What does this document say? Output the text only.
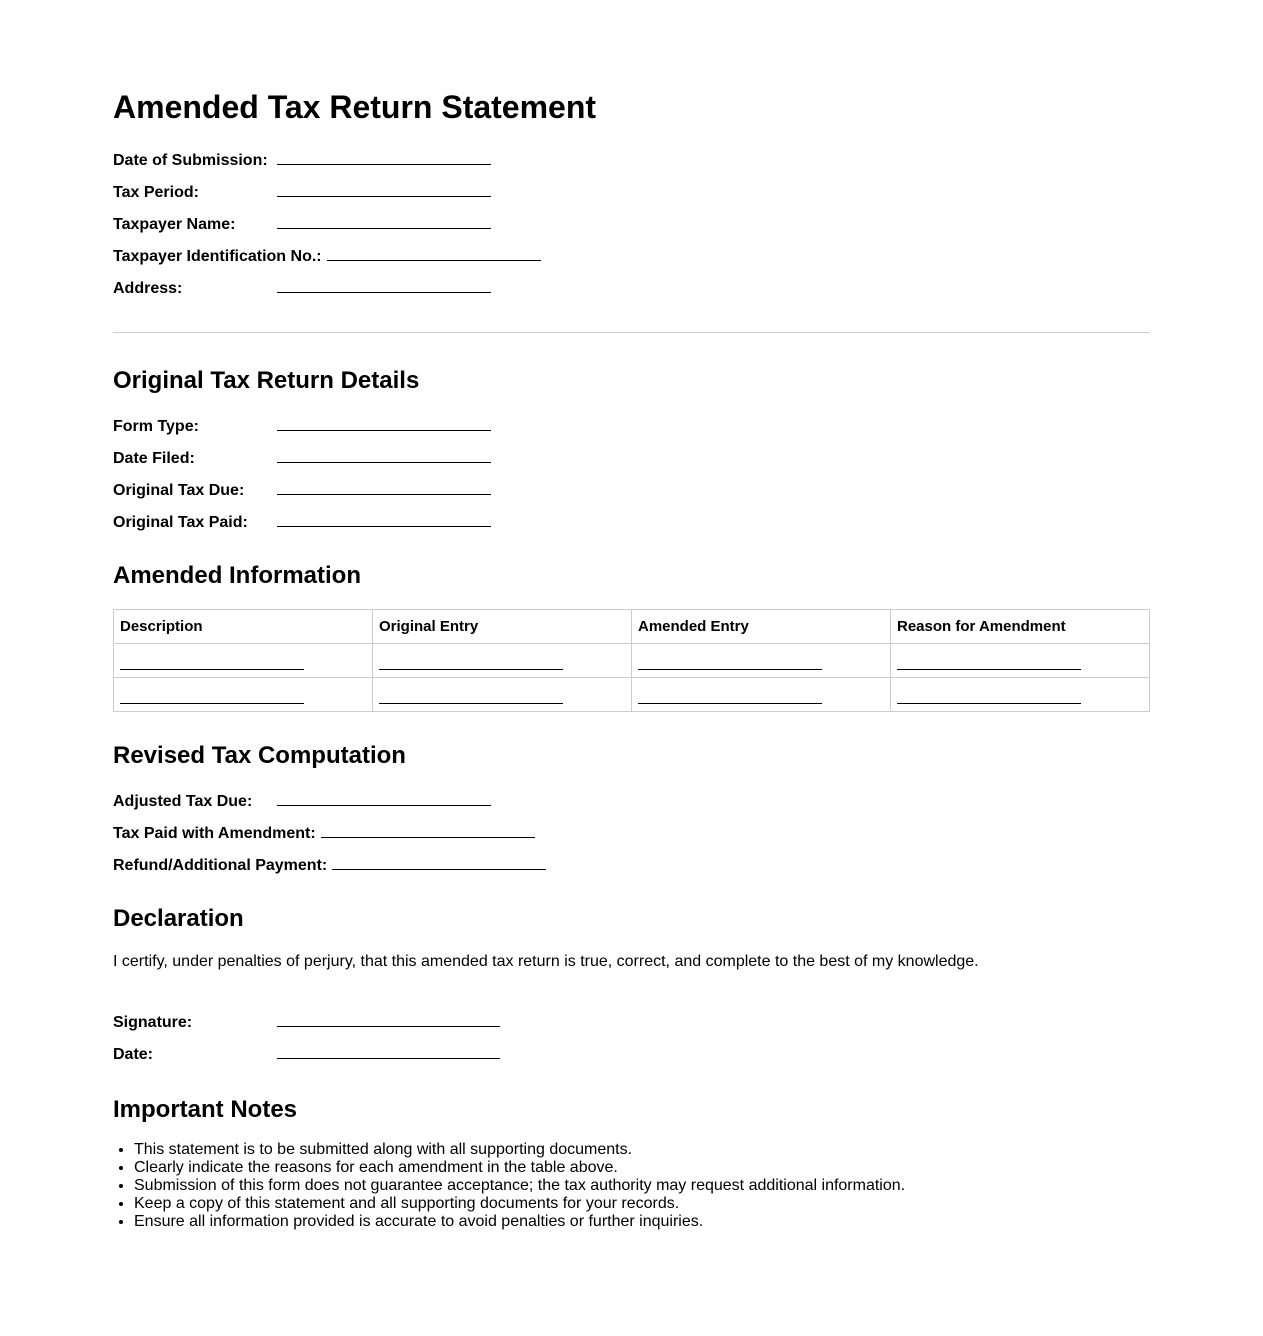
Amended Tax Return Statement
Date of Submission:
Tax Period:
Taxpayer Name:
Taxpayer Identification No.:
Address:
Original Tax Return Details
Form Type:
Date Filed:
Original Tax Due:
Original Tax Paid:
Amended Information
Description	Original Entry	Amended Entry	Reason for Amendment

Revised Tax Computation
Adjusted Tax Due:
Tax Paid with Amendment:
Refund/Additional Payment:
Declaration

I certify, under penalties of perjury, that this amended tax return is true, correct, and complete to the best of my knowledge.

Signature:
Date:
Important Notes
• This statement is to be submitted along with all supporting documents.
• Clearly indicate the reasons for each amendment in the table above.
• Submission of this form does not guarantee acceptance; the tax authority may request additional information.
• Keep a copy of this statement and all supporting documents for your records.
• Ensure all information provided is accurate to avoid penalties or further inquiries.
